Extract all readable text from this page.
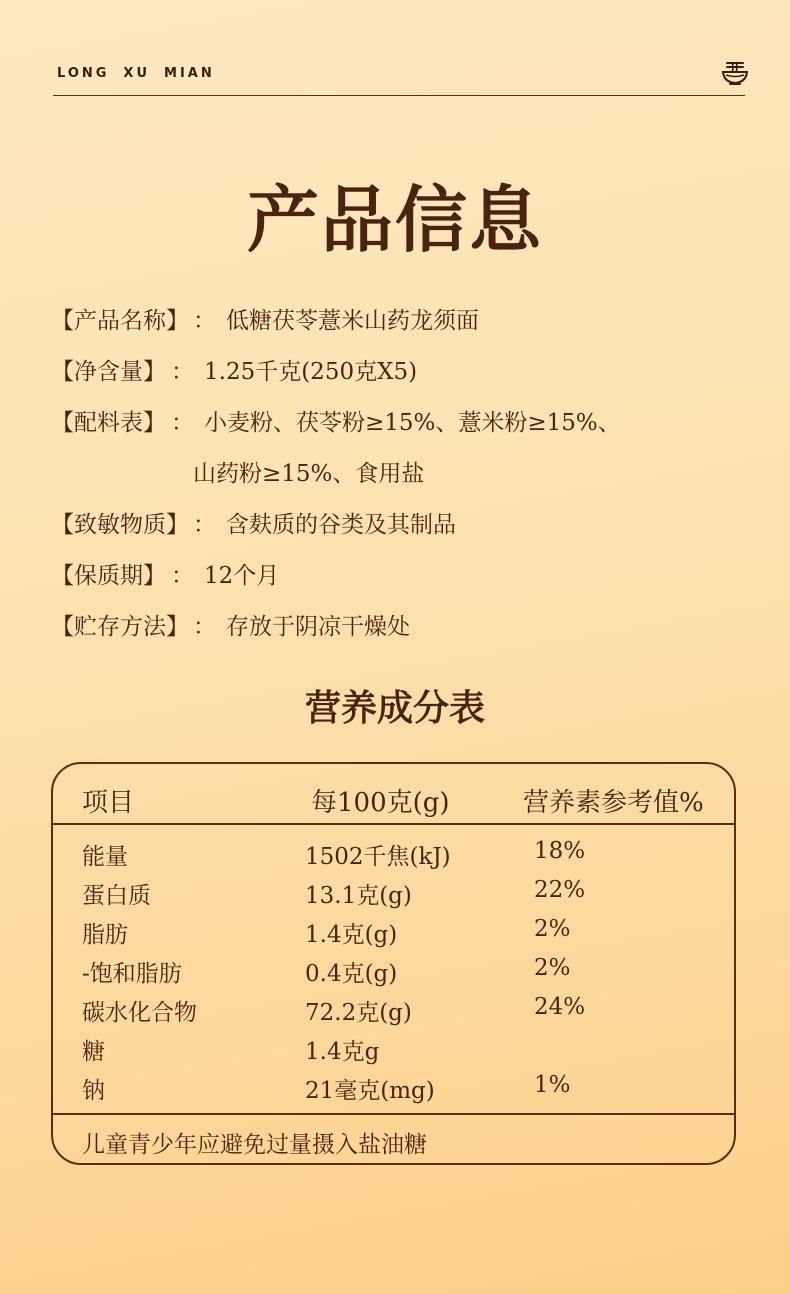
LONG XU MIAN
产品信息
【产品名称】 ： 低糖茯苓薏米山药龙须面
【净含量】 ： 1.25千克(250克X5)
【配料表】 ： 小麦粉、茯苓粉≥15%、薏米粉≥15%、
山药粉≥15%、食用盐
【致敏物质】 ： 含麸质的谷类及其制品
【保质期】 ： 12个月
【贮存方法】 ： 存放于阴凉干燥处
营养成分表
项目	每100克(g)	营养素参考值%
能量	1502千焦(kJ)	18%
蛋白质	13.1克(g)	22%
脂肪	1.4克(g)	2%
-饱和脂肪	0.4克(g)	2%
碳水化合物	72.2克(g)	24%
糖	1.4克g
钠	21毫克(mg)	1%
儿童青少年应避免过量摄入盐油糖
